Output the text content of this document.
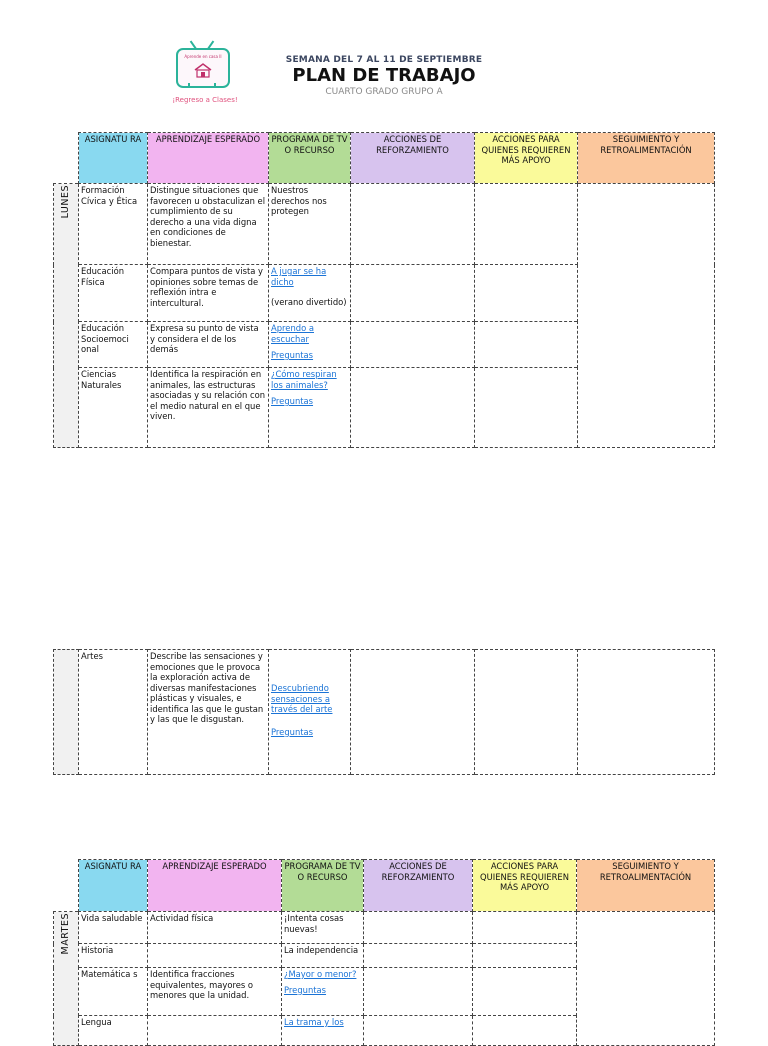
Aprende en casa II
¡Regreso a Clases!
SEMANA DEL 7 AL 11 DE SEPTIEMBRE
PLAN DE TRABAJO
CUARTO GRADO GRUPO A
	ASIGNATU RA	APRENDIZAJE ESPERADO	PROGRAMA DE TV O RECURSO	ACCIONES DE REFORZAMIENTO	ACCIONES PARA QUIENES REQUIEREN MÁS APOYO	SEGUIMIENTO Y RETROALIMENTACIÓN

LUNES	Formación Cívica y Ética	Distingue situaciones que favorecen u obstaculizan el cumplimiento de su derecho a una vida digna en condiciones de bienestar.	Nuestros derechos nos protegen			
	Educación Física	Compara puntos de vista y opiniones sobre temas de reflexión intra e intercultural.	A jugar se ha dicho
(verano divertido)			

	Educación Socioemoci onal	Expresa su punto de vista y considera el de los demás	Aprendo a escuchar
Preguntas			

	Ciencias Naturales	Identifica la respiración en animales, las estructuras asociadas y su relación con el medio natural en el que viven.	¿Cómo respiran los animales?
Preguntas			

	Artes	Describe las sensaciones y emociones que le provoca la exploración activa de diversas manifestaciones plásticas y visuales, e identifica las que le gustan y las que le disgustan.	
Descubriendo sensaciones a través del arte
Preguntas

	ASIGNATU RA	APRENDIZAJE ESPERADO	PROGRAMA DE TV O RECURSO	ACCIONES DE REFORZAMIENTO	ACCIONES PARA QUIENES REQUIEREN MÁS APOYO	SEGUIMIENTO Y RETROALIMENTACIÓN

MARTES	Vida saludable	Actividad física	¡Intenta cosas nuevas!			
	Historia		La independencia			
	Matemática s	Identifica fracciones equivalentes, mayores o menores que la unidad.	¿Mayor o menor?
Preguntas			

	Lengua		La trama y los			
